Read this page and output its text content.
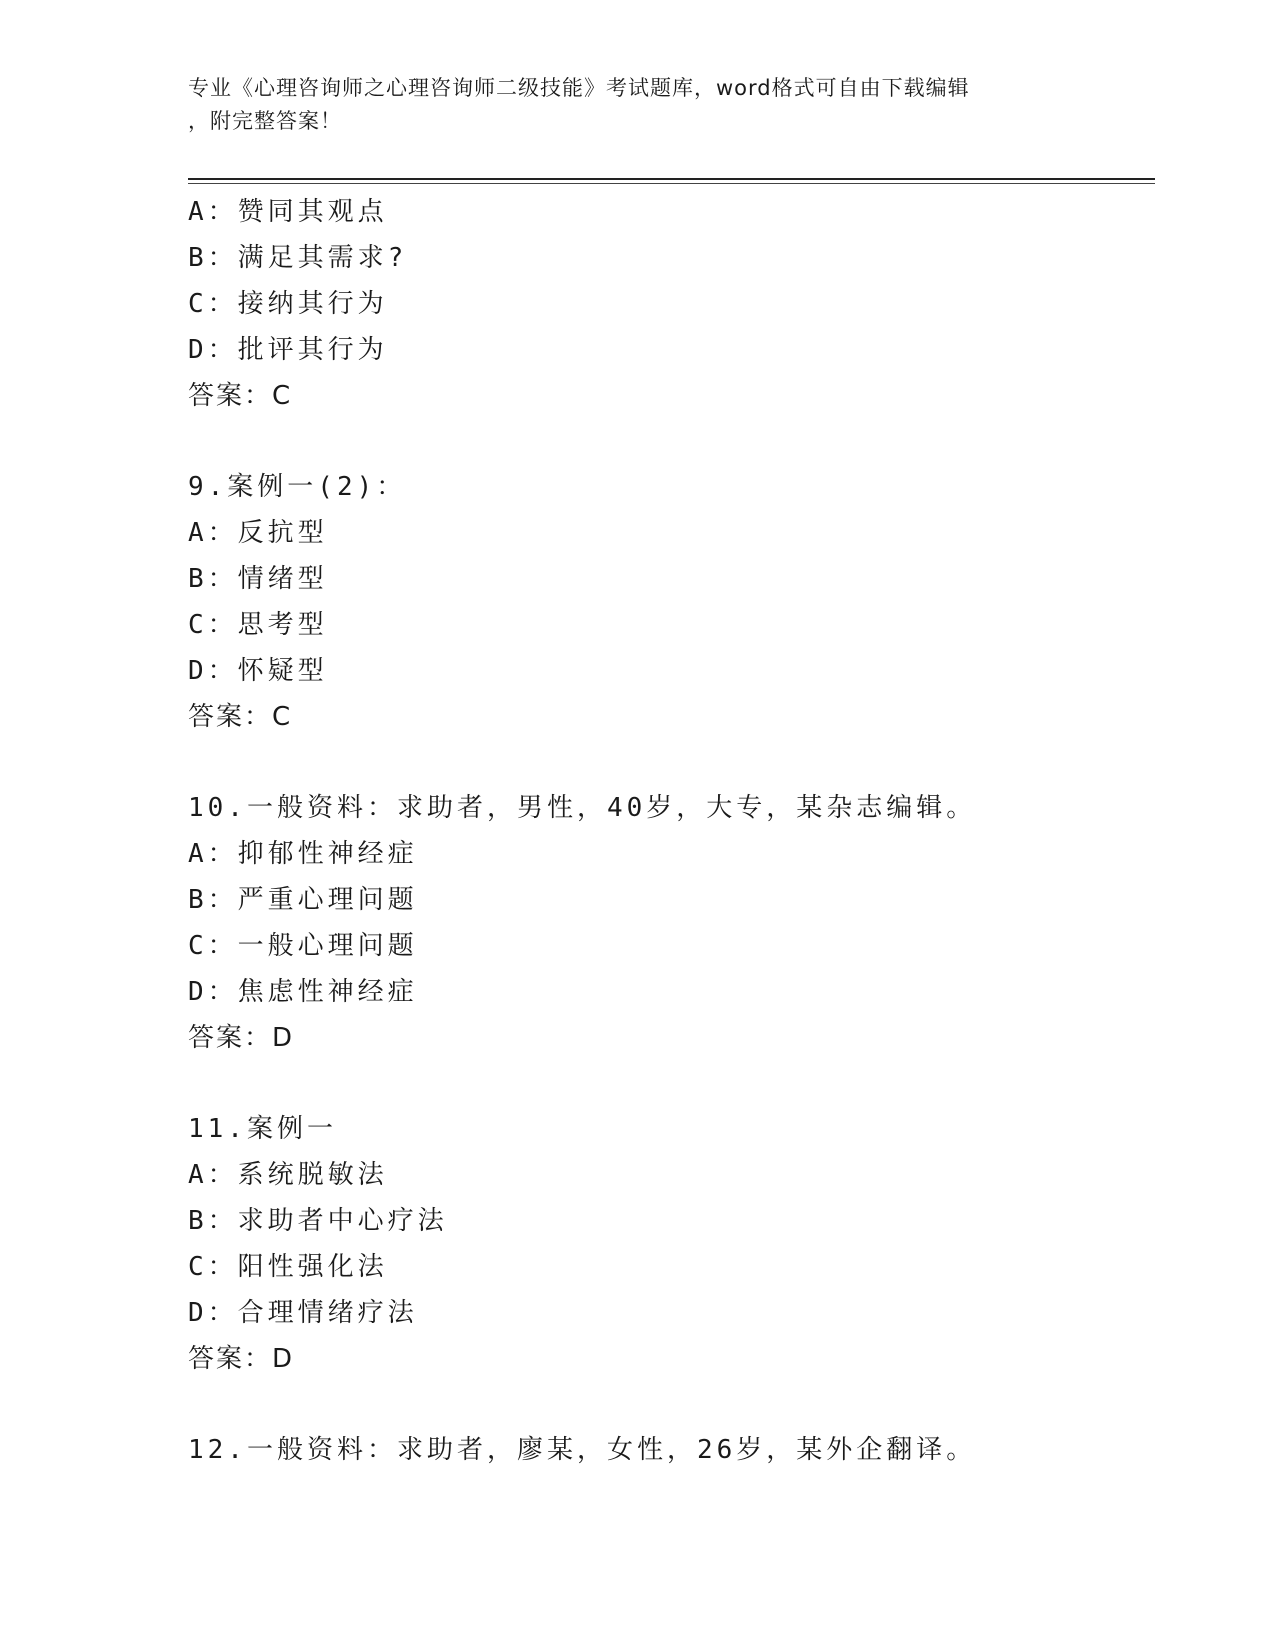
专业《心理咨询师之心理咨询师二级技能》考试题库，word格式可自由下载编辑
，附完整答案！
A：赞同其观点
B：满足其需求?
C：接纳其行为
D：批评其行为
答案：C
9.案例一(2)：
A：反抗型
B：情绪型
C：思考型
D：怀疑型
答案：C
10.一般资料：求助者，男性，40岁，大专，某杂志编辑。
A：抑郁性神经症
B：严重心理问题
C：一般心理问题
D：焦虑性神经症
答案：D
11.案例一
A：系统脱敏法
B：求助者中心疗法
C：阳性强化法
D：合理情绪疗法
答案：D
12.一般资料：求助者，廖某，女性，26岁，某外企翻译。
